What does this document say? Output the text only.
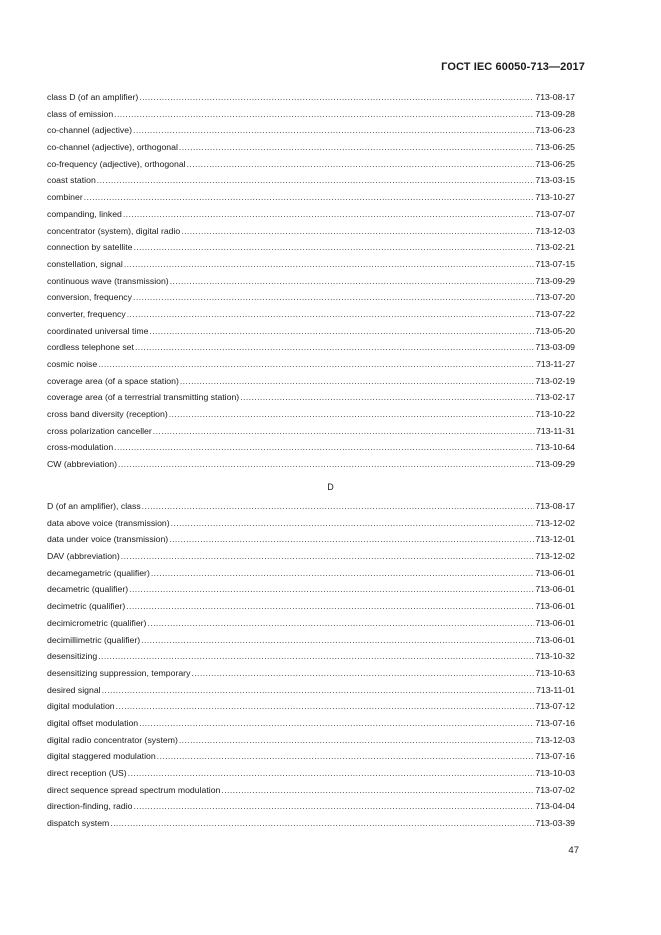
ГОСТ IEC 60050-713—2017
class D (of an amplifier) .....	713-08-17
class of emission .....	713-09-28
co-channel (adjective) .....	713-06-23
co-channel (adjective), orthogonal .....	713-06-25
co-frequency (adjective), orthogonal .....	713-06-25
coast station .....	713-03-15
combiner .....	713-10-27
companding, linked .....	713-07-07
concentrator (system), digital radio .....	713-12-03
connection by satellite .....	713-02-21
constellation, signal .....	713-07-15
continuous wave (transmission) .....	713-09-29
conversion, frequency .....	713-07-20
converter, frequency .....	713-07-22
coordinated universal time .....	713-05-20
cordless telephone set .....	713-03-09
cosmic noise .....	713-11-27
coverage area (of a space station) .....	713-02-19
coverage area (of a terrestrial transmitting station) .....	713-02-17
cross band diversity (reception) .....	713-10-22
cross polarization canceller .....	713-11-31
cross-modulation .....	713-10-64
CW (abbreviation) .....	713-09-29
D
D (of an amplifier), class .....	713-08-17
data above voice (transmission) .....	713-12-02
data under voice (transmission) .....	713-12-01
DAV (abbreviation) .....	713-12-02
decamegametric (qualifier) .....	713-06-01
decametric (qualifier) .....	713-06-01
decimetric (qualifier) .....	713-06-01
decimicrometric (qualifier) .....	713-06-01
decimillimetric (qualifier) .....	713-06-01
desensitizing .....	713-10-32
desensitizing suppression, temporary .....	713-10-63
desired signal .....	713-11-01
digital modulation .....	713-07-12
digital offset modulation .....	713-07-16
digital radio concentrator (system) .....	713-12-03
digital staggered modulation .....	713-07-16
direct reception (US) .....	713-10-03
direct sequence spread spectrum modulation .....	713-07-02
direction-finding, radio .....	713-04-04
dispatch system .....	713-03-39
47
